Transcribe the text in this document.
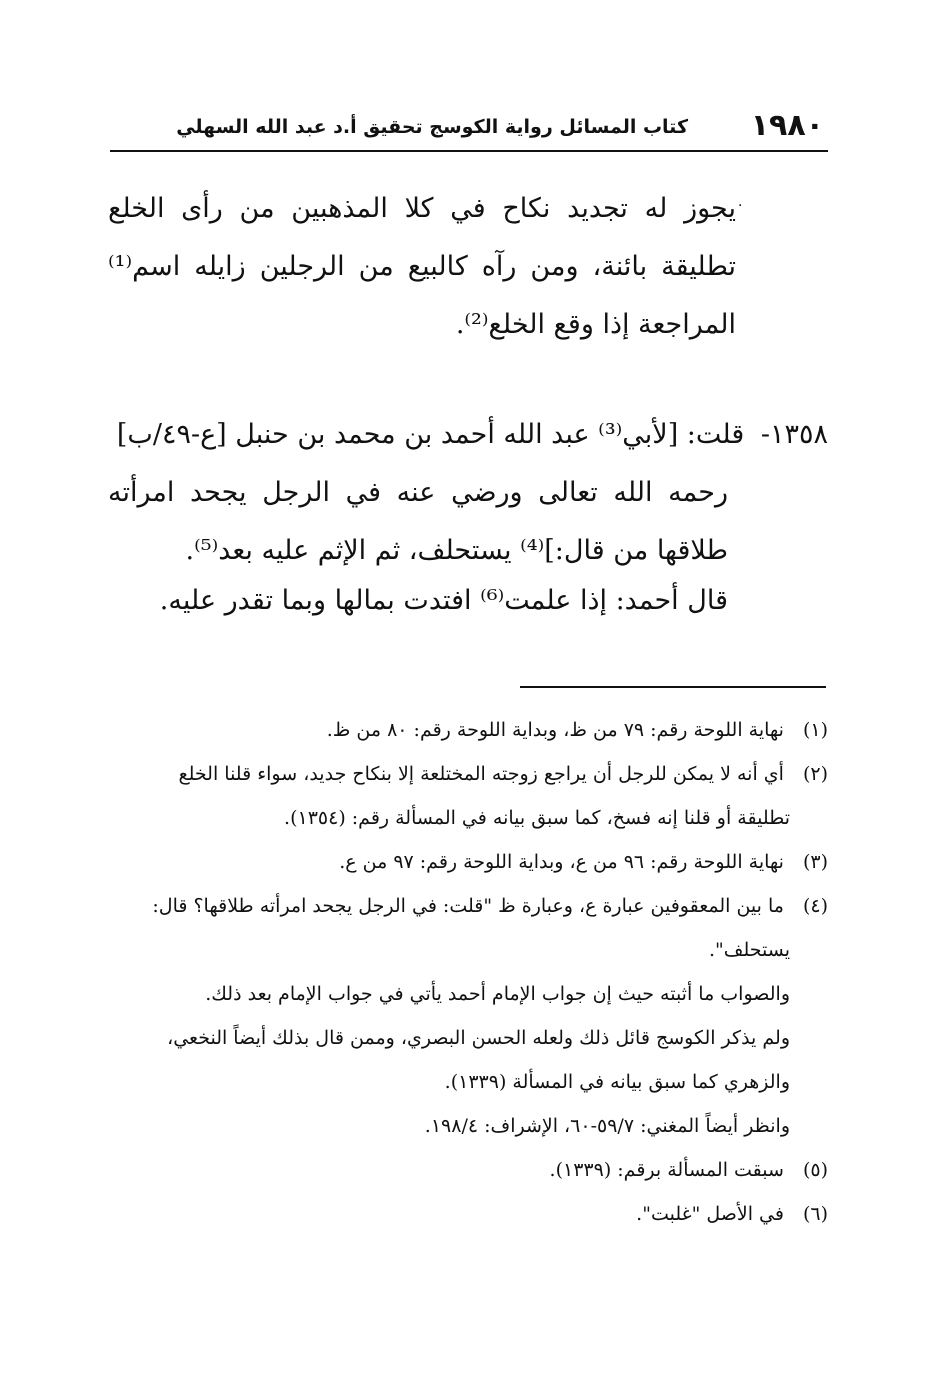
١٩٨٠
كتاب المسائل رواية الكوسج تحقيق أ.د عبد الله السهلي
·
يجوز له تجديد نكاح في كلا المذهبين من رأى الخلع تطليقة بائنة، ومن رآه كالبيع من الرجلين زايله اسم⁽¹⁾ المراجعة إذا وقع الخلع⁽²⁾.
١٣٥٨- قلت: [لأبي⁽³⁾ عبد الله أحمد بن محمد بن حنبل [ع-٤٩/ب]
رحمه الله تعالى ورضي عنه في الرجل يجحد امرأته طلاقها من قال:]⁽⁴⁾ يستحلف، ثم الإثم عليه بعد⁽⁵⁾.
قال أحمد: إذا علمت⁽⁶⁾ افتدت بمالها وبما تقدر عليه.
(١) نهاية اللوحة رقم: ٧٩ من ظ، وبداية اللوحة رقم: ٨٠ من ظ.
(٢) أي أنه لا يمكن للرجل أن يراجع زوجته المختلعة إلا بنكاح جديد، سواء قلنا الخلع
تطليقة أو قلنا إنه فسخ، كما سبق بيانه في المسألة رقم: (١٣٥٤).
(٣) نهاية اللوحة رقم: ٩٦ من ع، وبداية اللوحة رقم: ٩٧ من ع.
(٤) ما بين المعقوفين عبارة ع، وعبارة ظ "قلت: في الرجل يجحد امرأته طلاقها؟ قال:
يستحلف".
والصواب ما أثبته حيث إن جواب الإمام أحمد يأتي في جواب الإمام بعد ذلك.
ولم يذكر الكوسج قائل ذلك ولعله الحسن البصري، وممن قال بذلك أيضاً النخعي،
والزهري كما سبق بيانه في المسألة (١٣٣٩).
وانظر أيضاً المغني: ٥٩/٧-٦٠، الإشراف: ١٩٨/٤.
(٥) سبقت المسألة برقم: (١٣٣٩).
(٦) في الأصل "غلبت".
